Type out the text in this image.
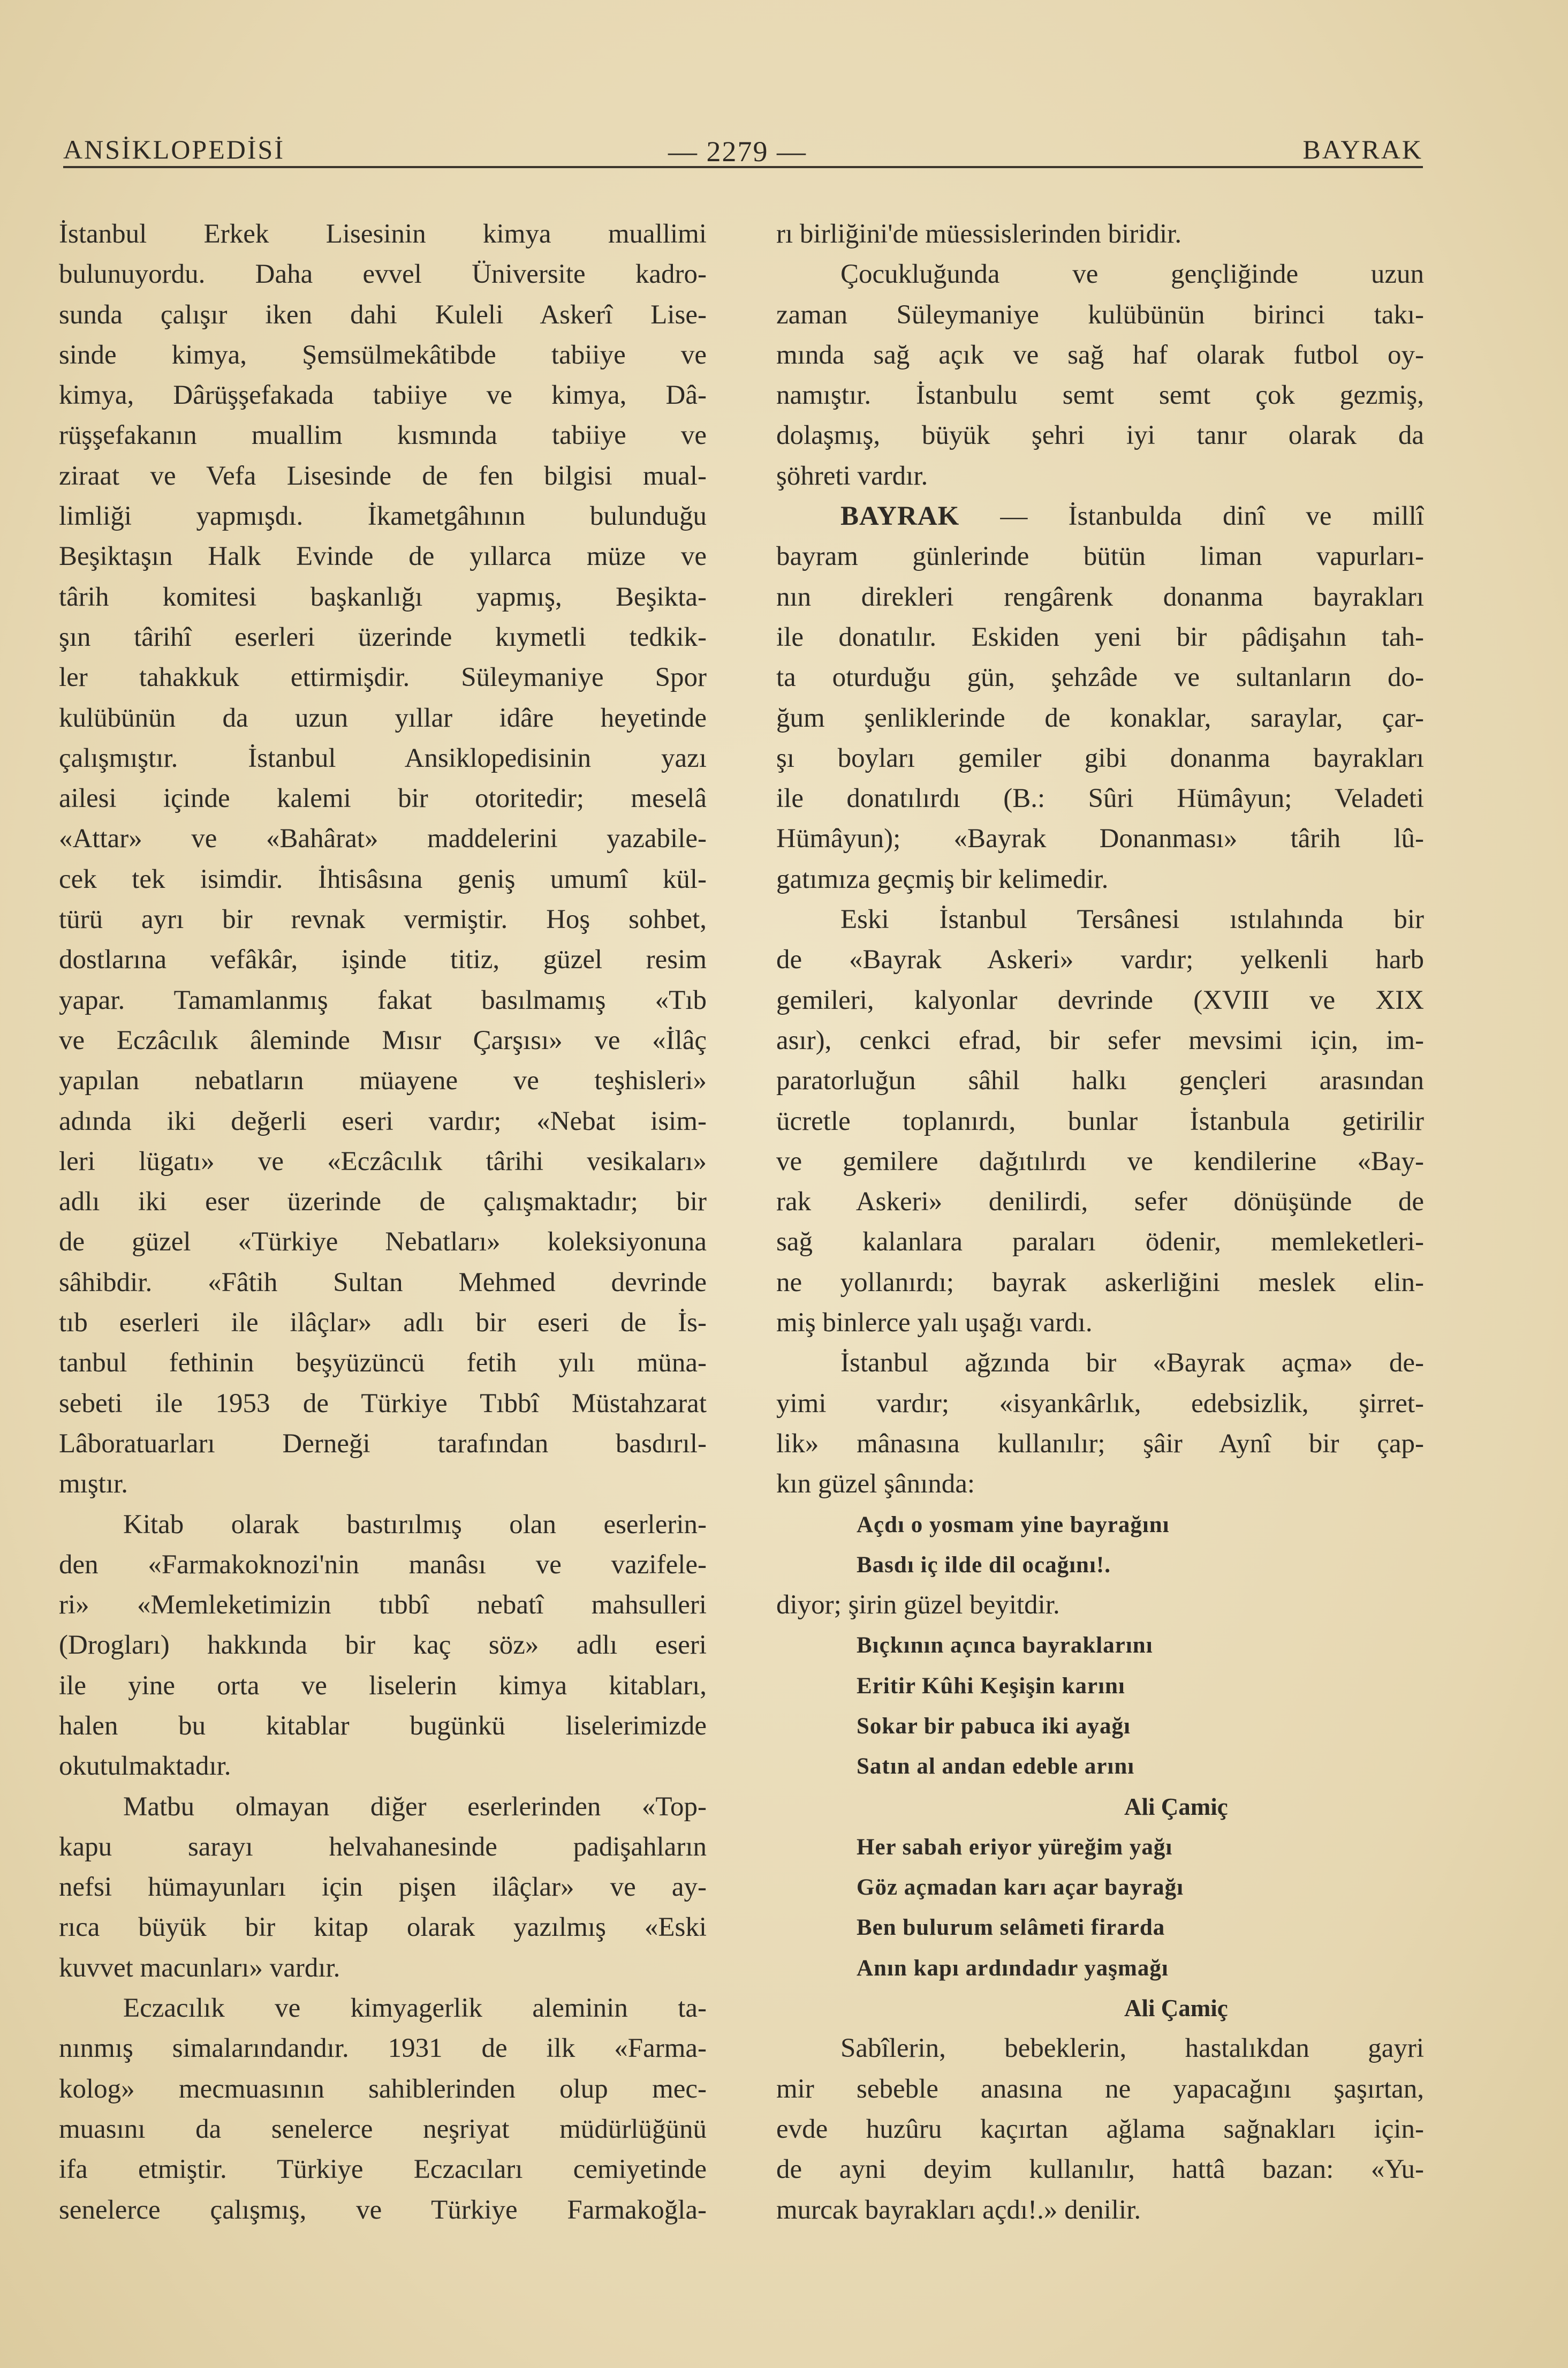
ANSİKLOPEDİSİ	— 2279 —	BAYRAK
İstanbul Erkek Lisesinin kimya muallimi
bulunuyordu. Daha evvel Üniversite kadro-
sunda çalışır iken dahi Kuleli Askerî Lise-
sinde kimya, Şemsülmekâtibde tabiiye ve
kimya, Dârüşşefakada tabiiye ve kimya, Dâ-
rüşşefakanın muallim kısmında tabiiye ve
ziraat ve Vefa Lisesinde de fen bilgisi mual-
limliği yapmışdı. İkametgâhının bulunduğu
Beşiktaşın Halk Evinde de yıllarca müze ve
târih komitesi başkanlığı yapmış, Beşikta-
şın târihî eserleri üzerinde kıymetli tedkik-
ler tahakkuk ettirmişdir. Süleymaniye Spor
kulübünün da uzun yıllar idâre heyetinde
çalışmıştır. İstanbul Ansiklopedisinin yazı
ailesi içinde kalemi bir otoritedir; meselâ
«Attar» ve «Bahârat» maddelerini yazabile-
cek tek isimdir. İhtisâsına geniş umumî kül-
türü ayrı bir revnak vermiştir. Hoş sohbet,
dostlarına vefâkâr, işinde titiz, güzel resim
yapar. Tamamlanmış fakat basılmamış «Tıb
ve Eczâcılık âleminde Mısır Çarşısı» ve «İlâç
yapılan nebatların müayene ve teşhisleri»
adında iki değerli eseri vardır; «Nebat isim-
leri lügatı» ve «Eczâcılık târihi vesikaları»
adlı iki eser üzerinde de çalışmaktadır; bir
de güzel «Türkiye Nebatları» koleksiyonuna
sâhibdir. «Fâtih Sultan Mehmed devrinde
tıb eserleri ile ilâçlar» adlı bir eseri de İs-
tanbul fethinin beşyüzüncü fetih yılı müna-
sebeti ile 1953 de Türkiye Tıbbî Müstahzarat
Lâboratuarları Derneği tarafından basdırıl-
mıştır.
Kitab olarak bastırılmış olan eserlerin-
den «Farmakoknozi'nin manâsı ve vazifele-
ri» «Memleketimizin tıbbî nebatî mahsulleri
(Drogları) hakkında bir kaç söz» adlı eseri
ile yine orta ve liselerin kimya kitabları,
halen bu kitablar bugünkü liselerimizde
okutulmaktadır.
Matbu olmayan diğer eserlerinden «Top-
kapu sarayı helvahanesinde padişahların
nefsi hümayunları için pişen ilâçlar» ve ay-
rıca büyük bir kitap olarak yazılmış «Eski
kuvvet macunları» vardır.
Eczacılık ve kimyagerlik aleminin ta-
nınmış simalarındandır. 1931 de ilk «Farma-
kolog» mecmuasının sahiblerinden olup mec-
muasını da senelerce neşriyat müdürlüğünü
ifa etmiştir. Türkiye Eczacıları cemiyetinde
senelerce çalışmış, ve Türkiye Farmakoğla-
rı birliğini'de müessislerinden biridir.
Çocukluğunda ve gençliğinde uzun
zaman Süleymaniye kulübünün birinci takı-
mında sağ açık ve sağ haf olarak futbol oy-
namıştır. İstanbulu semt semt çok gezmiş,
dolaşmış, büyük şehri iyi tanır olarak da
şöhreti vardır.
BAYRAK — İstanbulda dinî ve millî
bayram günlerinde bütün liman vapurları-
nın direkleri rengârenk donanma bayrakları
ile donatılır. Eskiden yeni bir pâdişahın tah-
ta oturduğu gün, şehzâde ve sultanların do-
ğum şenliklerinde de konaklar, saraylar, çar-
şı boyları gemiler gibi donanma bayrakları
ile donatılırdı (B.: Sûri Hümâyun; Veladeti
Hümâyun); «Bayrak Donanması» târih lû-
gatımıza geçmiş bir kelimedir.
Eski İstanbul Tersânesi ıstılahında bir
de «Bayrak Askeri» vardır; yelkenli harb
gemileri, kalyonlar devrinde (XVIII ve XIX
asır), cenkci efrad, bir sefer mevsimi için, im-
paratorluğun sâhil halkı gençleri arasından
ücretle toplanırdı, bunlar İstanbula getirilir
ve gemilere dağıtılırdı ve kendilerine «Bay-
rak Askeri» denilirdi, sefer dönüşünde de
sağ kalanlara paraları ödenir, memleketleri-
ne yollanırdı; bayrak askerliğini meslek elin-
miş binlerce yalı uşağı vardı.
İstanbul ağzında bir «Bayrak açma» de-
yimi vardır; «isyankârlık, edebsizlik, şirret-
lik» mânasına kullanılır; şâir Aynî bir çap-
kın güzel şânında:
Açdı o yosmam yine bayrağını
Basdı iç ilde dil ocağını!.
diyor; şirin güzel beyitdir.
Bıçkının açınca bayraklarını
Eritir Kûhi Keşişin karını
Sokar bir pabuca iki ayağı
Satın al andan edeble arını
Ali Çamiç
Her sabah eriyor yüreğim yağı
Göz açmadan karı açar bayrağı
Ben bulurum selâmeti firarda
Anın kapı ardındadır yaşmağı
Ali Çamiç
Sabîlerin, bebeklerin, hastalıkdan gayri
mir sebeble anasına ne yapacağını şaşırtan,
evde huzûru kaçırtan ağlama sağnakları için-
de ayni deyim kullanılır, hattâ bazan: «Yu-
murcak bayrakları açdı!.» denilir.
